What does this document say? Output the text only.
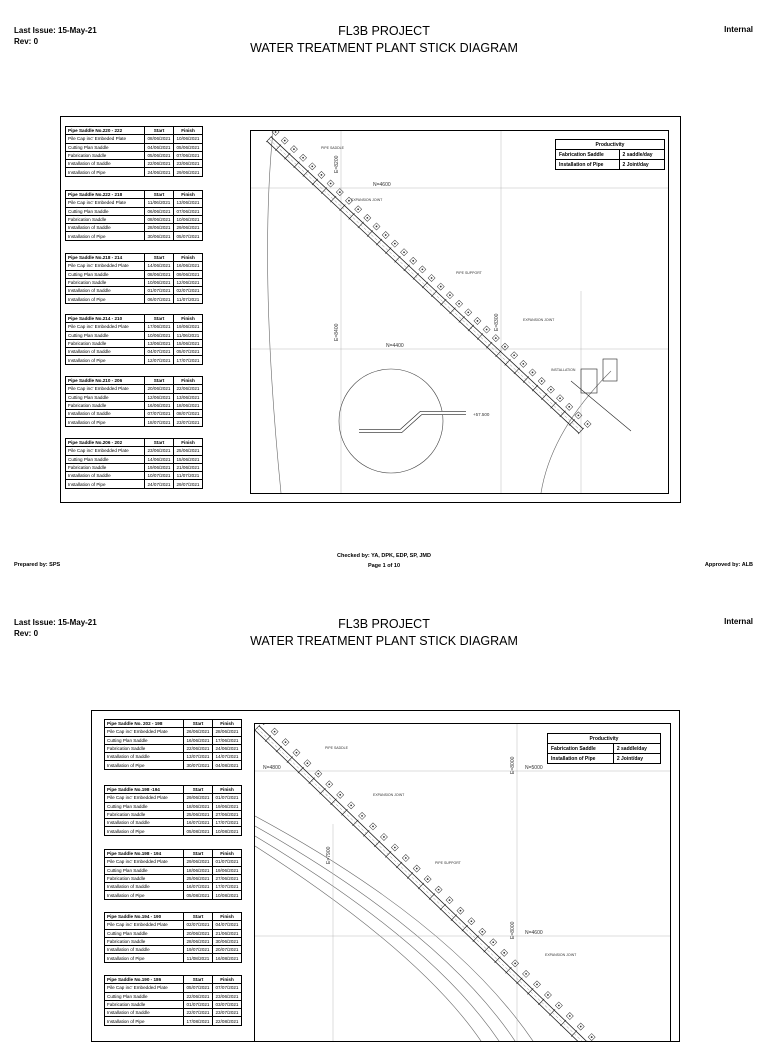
Last Issue: 15-May-21
Rev: 0
Internal
FL3B PROJECT
WATER TREATMENT PLANT STICK DIAGRAM
Pipe Saddle No.220 - 222	Start	Finish
Pile Cap inc' Embeded Plate	08/06/2021	10/06/2021
Cutting Plan Saddle	04/06/2021	05/06/2021
Fabrication Saddle	05/06/2021	07/06/2021
Installation of Saddle	22/06/2021	23/06/2021
Installation of Pipe	24/06/2021	29/06/2021
Pipe Saddle No.222 - 218	Start	Finish
Pile Cap inc' Embeded Plate	11/06/2021	13/06/2021
Cutting Plan Saddle	06/06/2021	07/06/2021
Fabrication Saddle	08/06/2021	10/06/2021
Installation of Saddle	28/06/2021	29/06/2021
Installation of Pipe	30/06/2021	05/07/2021
Pipe Saddle No.218 - 214	Start	Finish
Pile Cap inc' Embedded Plate	14/06/2021	16/06/2021
Cutting Plan Saddle	08/06/2021	09/06/2021
Fabrication Saddle	10/06/2021	12/06/2021
Installation of Saddle	01/07/2021	02/07/2021
Installation of Pipe	06/07/2021	11/07/2021
Pipe Saddle No.214 - 210	Start	Finish
Pile Cap inc' Embedded Plate	17/06/2021	19/06/2021
Cutting Plan Saddle	10/06/2021	11/06/2021
Fabrication Saddle	13/06/2021	15/06/2021
Installation of Saddle	04/07/2021	05/07/2021
Installation of Pipe	12/07/2021	17/07/2021
Pipe Saddle No.210 - 206	Start	Finish
Pile Cap inc' Embedded Plate	20/06/2021	22/06/2021
Cutting Plan Saddle	12/06/2021	13/06/2021
Fabrication Saddle	16/06/2021	18/06/2021
Installation of Saddle	07/07/2021	08/07/2021
Installation of Pipe	18/07/2021	23/07/2021
Pipe Saddle No.206 - 202	Start	Finish
Pile Cap inc' Embedded Plate	23/06/2021	25/06/2021
Cutting Plan Saddle	14/06/2021	15/06/2021
Fabrication Saddle	19/06/2021	21/06/2021
Installation of Saddle	10/07/2021	11/07/2021
Installation of Pipe	24/07/2021	29/07/2021
N=4600
N=4400
E=8200
E=8300
E=8400
+57.500
PIPE SADDLE
EXPANSION JOINT
PIPE SUPPORT
EXPANSION JOINT
INSTALLATION
Productivity	
Fabrication Saddle	2 saddle/day
Installation of Pipe	2 Joint/day
Prepared by: SPS
Checked by: YA, DPK, EDP, SP, JMD
Page 1 of 10	Approved by: ALB
Last Issue: 15-May-21
Rev: 0
Internal
FL3B PROJECT
WATER TREATMENT PLANT STICK DIAGRAM
Pipe Saddle No. 202 - 198	Start	Finish
Pile Cap inc' Embedded Plate	26/06/2021	28/06/2021
Cutting Plan Saddle	16/06/2021	17/06/2021
Fabrication Saddle	22/06/2021	24/06/2021
Installation of Saddle	13/07/2021	14/07/2021
Installation of Pipe	30/07/2021	04/08/2021
Pipe Saddle No.198 -194	Start	Finish
Pile Cap inc' Embedded Plate	29/06/2021	01/07/2021
Cutting Plan Saddle	18/06/2021	19/06/2021
Fabrication Saddle	25/06/2021	27/06/2021
Installation of Saddle	16/07/2021	17/07/2021
Installation of Pipe	05/08/2021	10/08/2021
Pipe Saddle No.198 - 194	Start	Finish
Pile Cap inc' Embedded Plate	29/06/2021	01/07/2021
Cutting Plan Saddle	18/06/2021	19/06/2021
Fabrication Saddle	25/06/2021	27/06/2021
Installation of Saddle	16/07/2021	17/07/2021
Installation of Pipe	05/08/2021	10/08/2021
Pipe Saddle No.194 - 190	Start	Finish
Pile Cap inc' Embedded Plate	02/07/2021	04/07/2021
Cutting Plan Saddle	20/06/2021	21/06/2021
Fabrication Saddle	28/06/2021	30/06/2021
Installation of Saddle	19/07/2021	20/07/2021
Installation of Pipe	11/08/2021	16/08/2021
Pipe Saddle No.190 - 186	Start	Finish
Pile Cap inc' Embedded Plate	05/07/2021	07/07/2021
Cutting Plan Saddle	22/06/2021	23/06/2021
Fabrication Saddle	01/07/2021	03/07/2021
Installation of Saddle	22/07/2021	23/07/2021
Installation of Pipe	17/08/2021	22/08/2021
N=4800	N=5000
N=4600
E=8000
E=8000
E=7900
PIPE SADDLE
EXPANSION JOINT
PIPE SUPPORT
EXPANSION JOINT
Productivity	
Fabrication Saddle	2 saddle/day
Installation of Pipe	2 Joint/day
